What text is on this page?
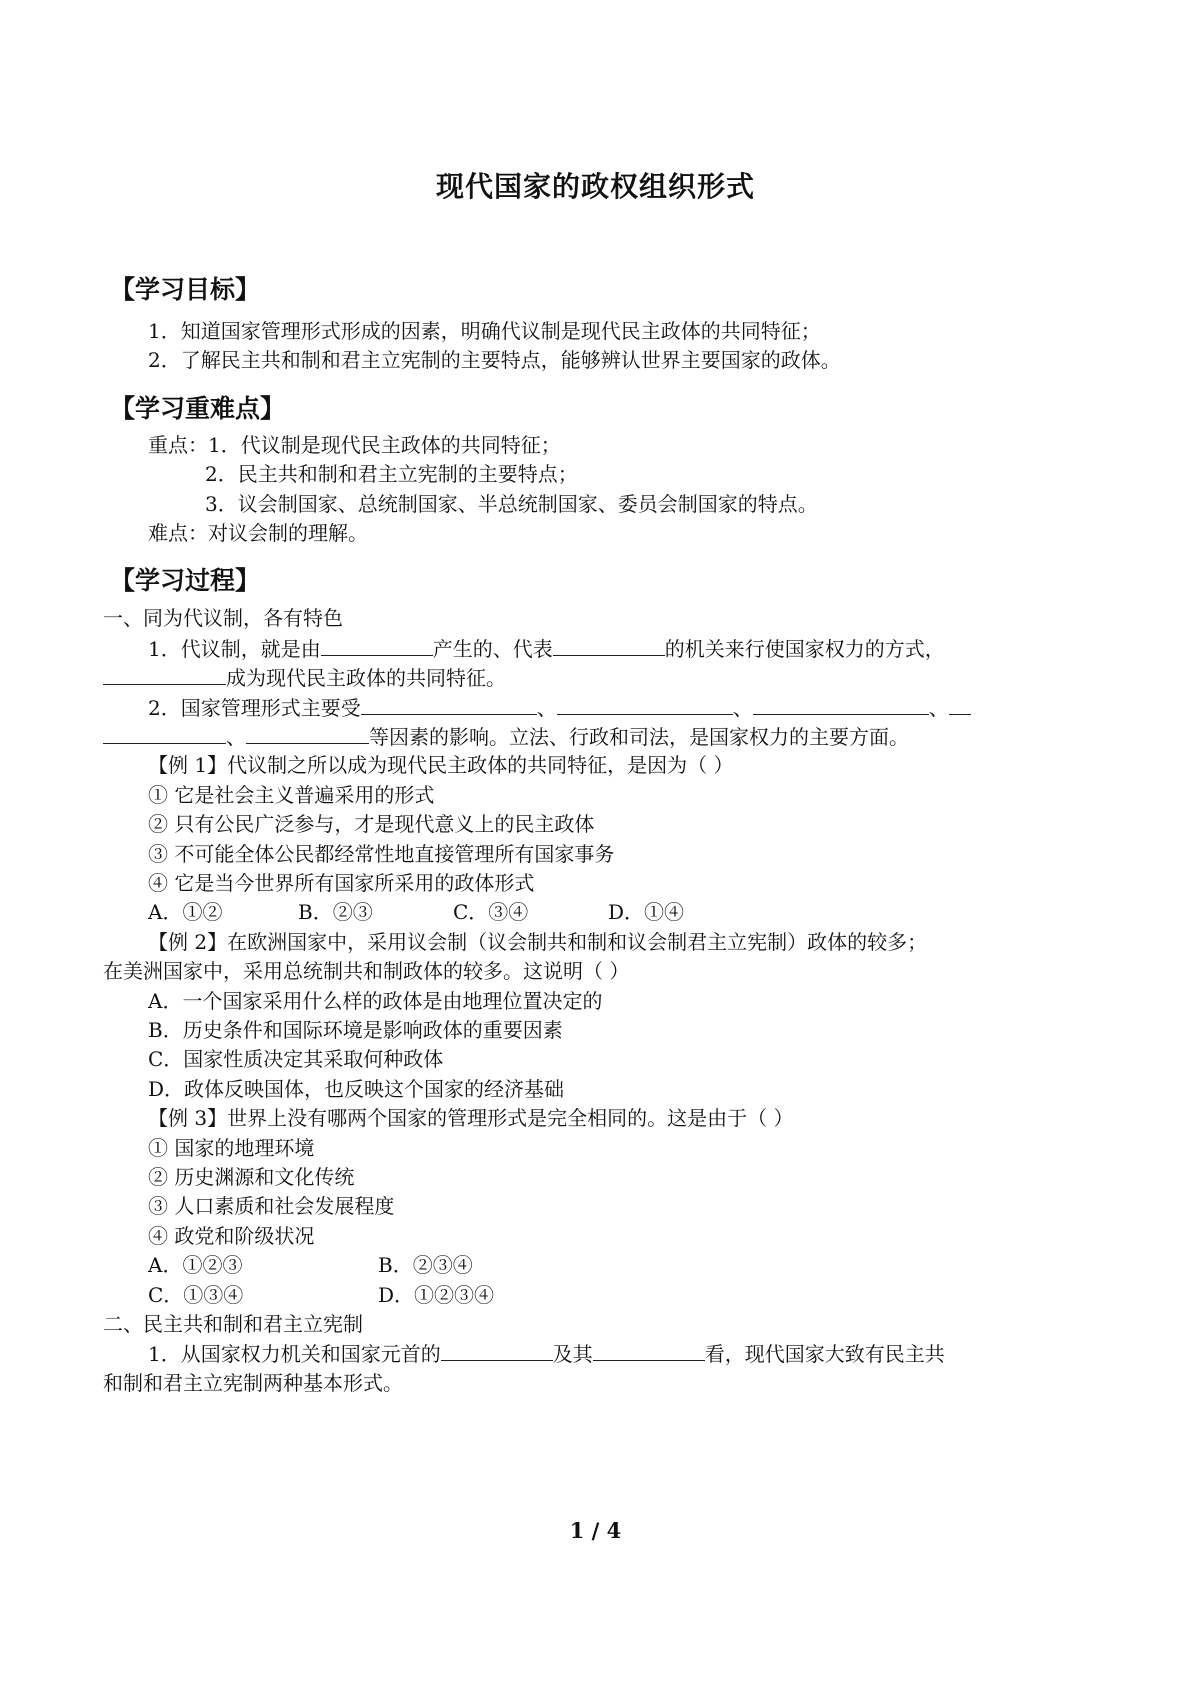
现代国家的政权组织形式
【学习目标】
1．知道国家管理形式形成的因素，明确代议制是现代民主政体的共同特征；
2．了解民主共和制和君主立宪制的主要特点，能够辨认世界主要国家的政体。
【学习重难点】
重点：1．代议制是现代民主政体的共同特征；
2．民主共和制和君主立宪制的主要特点；
3．议会制国家、总统制国家、半总统制国家、委员会制国家的特点。
难点：对议会制的理解。
【学习过程】
一、同为代议制，各有特色
1．代议制，就是由	产生的、代表	的机关来行使国家权力的方式，
成为现代民主政体的共同特征。
2．国家管理形式主要受	、	、	、
、	等因素的影响。立法、行政和司法，是国家权力的主要方面。
【例 1】代议制之所以成为现代民主政体的共同特征，是因为（ ）
① 它是社会主义普遍采用的形式
② 只有公民广泛参与，才是现代意义上的民主政体
③ 不可能全体公民都经常性地直接管理所有国家事务
④ 它是当今世界所有国家所采用的政体形式
A．①②	B．②③	C．③④	D．①④
【例 2】在欧洲国家中，采用议会制（议会制共和制和议会制君主立宪制）政体的较多；
在美洲国家中，采用总统制共和制政体的较多。这说明（ ）
A．一个国家采用什么样的政体是由地理位置决定的
B．历史条件和国际环境是影响政体的重要因素
C．国家性质决定其采取何种政体
D．政体反映国体，也反映这个国家的经济基础
【例 3】世界上没有哪两个国家的管理形式是完全相同的。这是由于（ ）
① 国家的地理环境
② 历史渊源和文化传统
③ 人口素质和社会发展程度
④ 政党和阶级状况
A．①②③	B．②③④
C．①③④	D．①②③④
二、民主共和制和君主立宪制
1．从国家权力机关和国家元首的	及其	看，现代国家大致有民主共
和制和君主立宪制两种基本形式。
1 / 4
